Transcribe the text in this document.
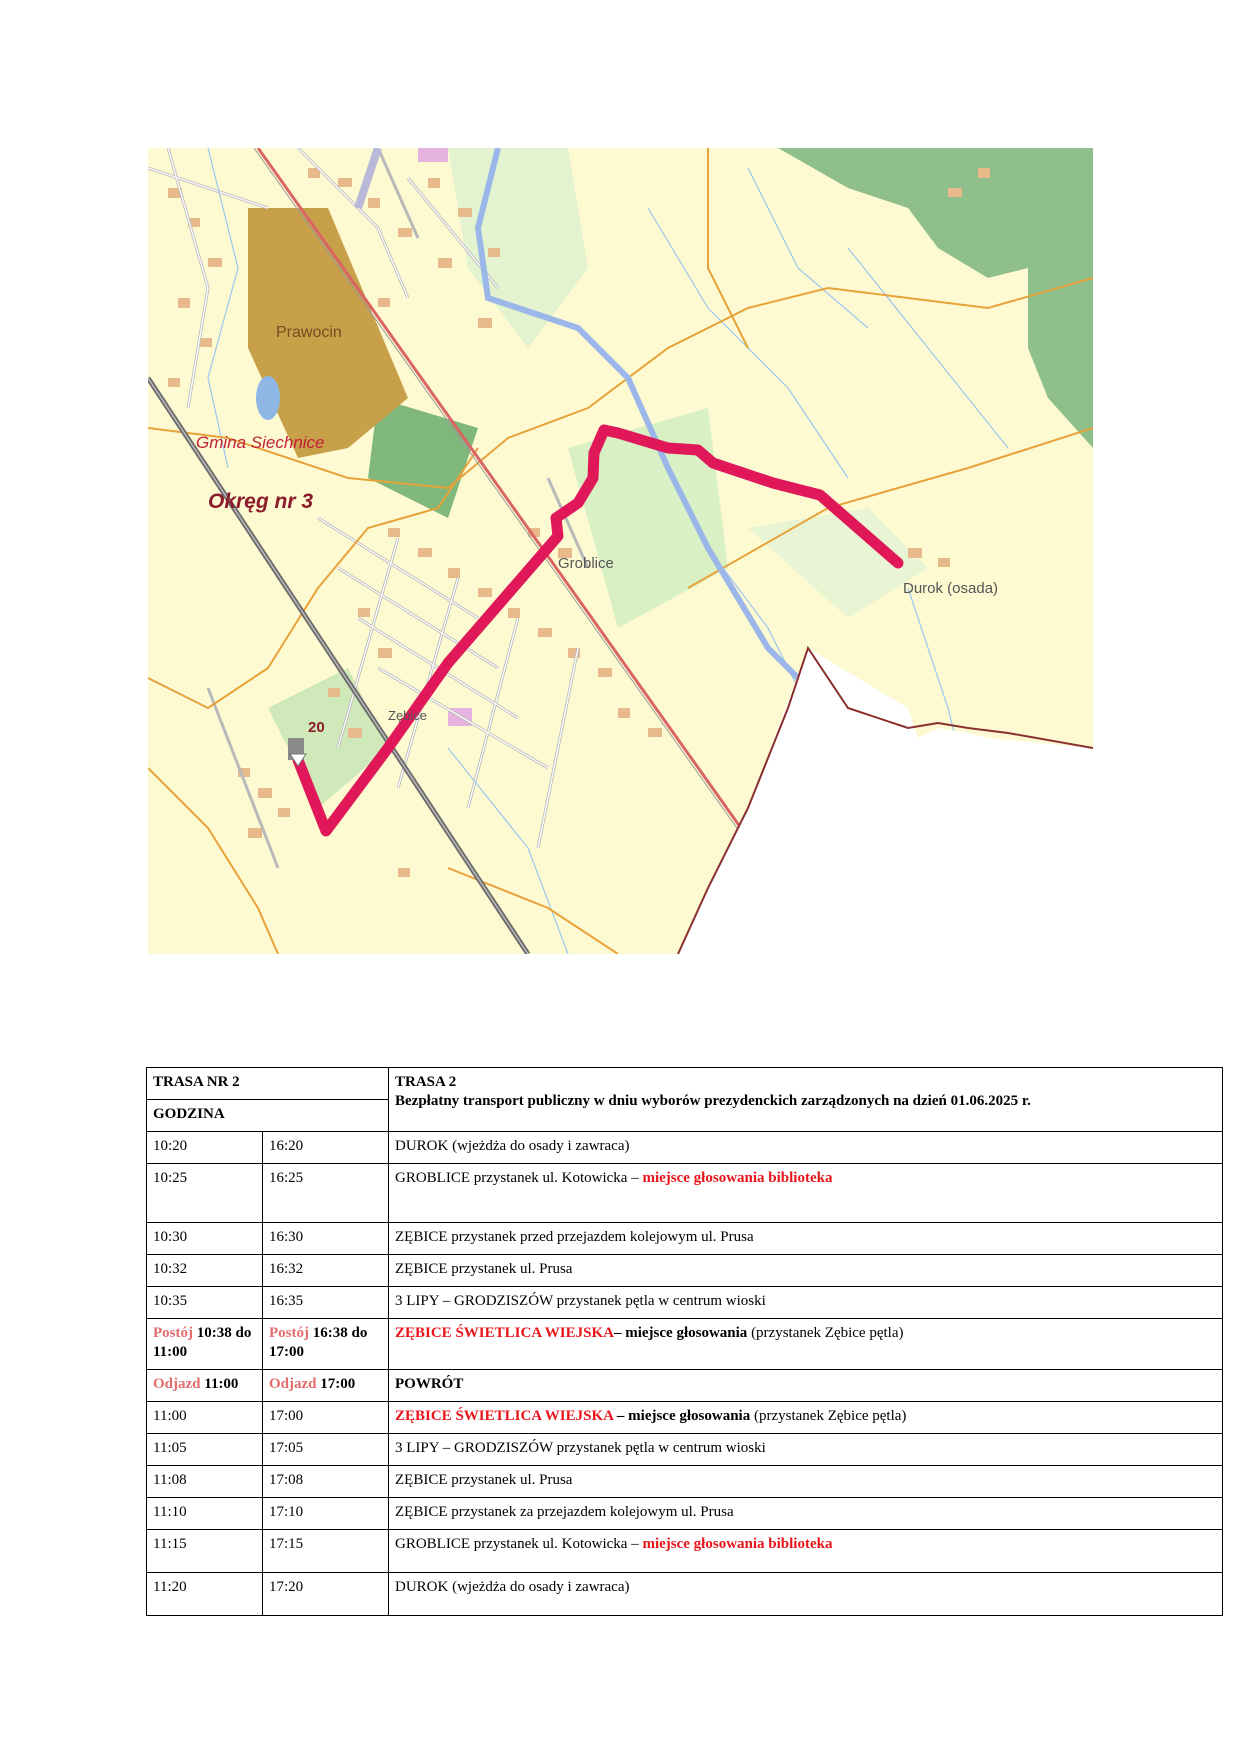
Prawocin
Gmina Siechnice
Okręg nr 3
Groblice
Durok (osada)
Zębice
20
TRASA NR 2		TRASA 2
Bezpłatny transport publiczny w dniu wyborów prezydenckich zarządzonych na dzień 01.06.2025 r.

GODZINA		
10:20	16:20	DUROK (wjeżdża do osady i zawraca)
10:25	16:25	GROBLICE przystanek ul. Kotowicka – miejsce głosowania biblioteka
10:30	16:30	ZĘBICE przystanek przed przejazdem kolejowym ul. Prusa
10:32	16:32	ZĘBICE przystanek ul. Prusa
10:35	16:35	3 LIPY – GRODZISZÓW przystanek pętla w centrum wioski
Postój 10:38 do 11:00	Postój 16:38 do 17:00	ZĘBICE ŚWIETLICA WIEJSKA– miejsce głosowania (przystanek Zębice pętla)
Odjazd 11:00	Odjazd 17:00	POWRÓT
11:00	17:00	ZĘBICE ŚWIETLICA WIEJSKA – miejsce głosowania (przystanek Zębice pętla)
11:05	17:05	3 LIPY – GRODZISZÓW przystanek pętla w centrum wioski
11:08	17:08	ZĘBICE przystanek ul. Prusa
11:10	17:10	ZĘBICE przystanek za przejazdem kolejowym ul. Prusa
11:15	17:15	GROBLICE przystanek ul. Kotowicka – miejsce głosowania biblioteka
11:20	17:20	DUROK (wjeżdża do osady i zawraca)
